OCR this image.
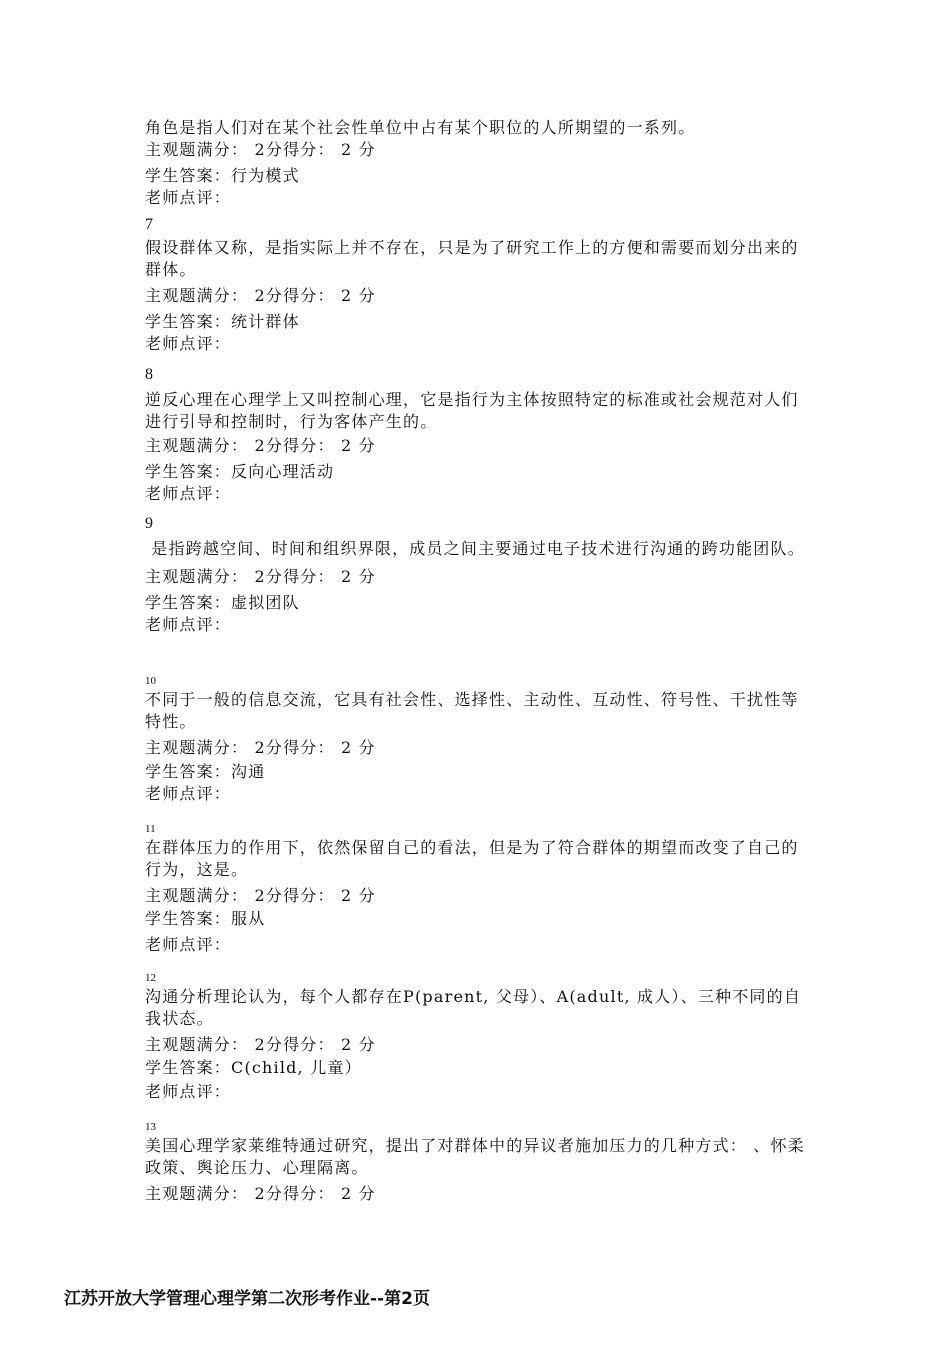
角色是指人们对在某个社会性单位中占有某个职位的人所期望的一系列。
主观题满分： 2分得分： 2 分
学生答案：行为模式
老师点评：
7
假设群体又称，是指实际上并不存在，只是为了研究工作上的方便和需要而划分出来的群体。
主观题满分： 2分得分： 2 分
学生答案：统计群体
老师点评：
8
逆反心理在心理学上又叫控制心理，它是指行为主体按照特定的标准或社会规范对人们进行引导和控制时，行为客体产生的。
主观题满分： 2分得分： 2 分
学生答案：反向心理活动
老师点评：
9
是指跨越空间、时间和组织界限，成员之间主要通过电子技术进行沟通的跨功能团队。
主观题满分： 2分得分： 2 分
学生答案：虚拟团队
老师点评：
10
不同于一般的信息交流，它具有社会性、选择性、主动性、互动性、符号性、干扰性等特性。
主观题满分： 2分得分： 2 分
学生答案：沟通
老师点评：
11
在群体压力的作用下，依然保留自己的看法，但是为了符合群体的期望而改变了自己的行为，这是。
主观题满分： 2分得分： 2 分
学生答案：服从
老师点评：
12
沟通分析理论认为，每个人都存在P(parent, 父母）、A(adult, 成人）、三种不同的自我状态。
主观题满分： 2分得分： 2 分
学生答案：C(child, 儿童）
老师点评：
13
美国心理学家莱维特通过研究，提出了对群体中的异议者施加压力的几种方式： 、怀柔政策、舆论压力、心理隔离。
主观题满分： 2分得分： 2 分
江苏开放大学管理心理学第二次形考作业--第2页
